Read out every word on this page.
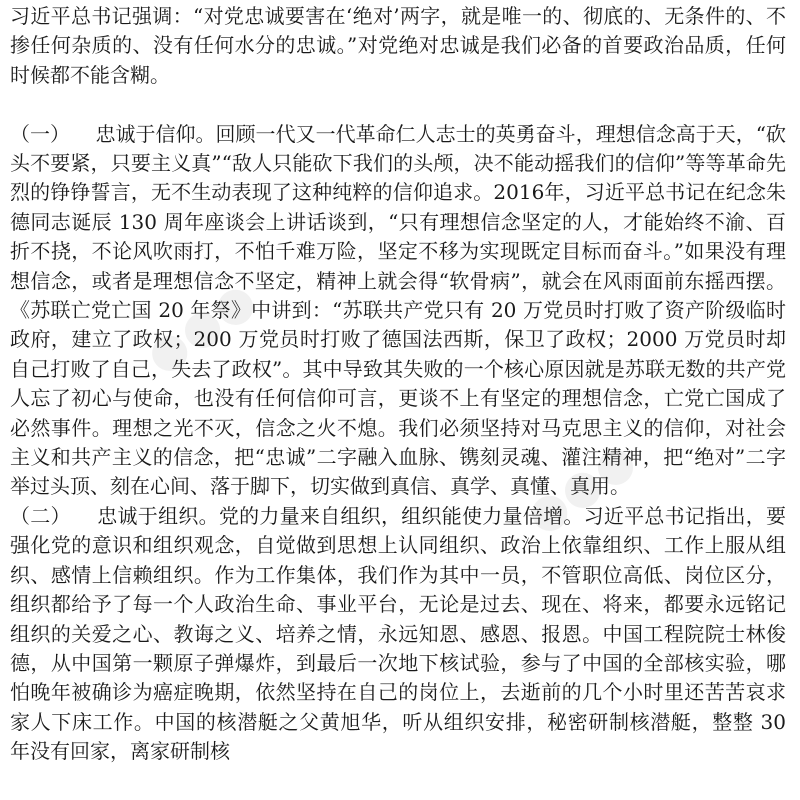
●●●
●●●

习近平总书记强调：“对党忠诚要害在‘绝对’两字，就是唯一的、彻底的、无条件的、不掺任何杂质的、没有任何水分的忠诚。”对党绝对忠诚是我们必备的首要政治品质，任何时候都不能含糊。

（一）    忠诚于信仰。回顾一代又一代革命仁人志士的英勇奋斗，理想信念高于天，“砍头不要紧，只要主义真”“敌人只能砍下我们的头颅，决不能动摇我们的信仰”等等革命先烈的铮铮誓言，无不生动表现了这种纯粹的信仰追求。2016年，习近平总书记在纪念朱德同志诞辰 130 周年座谈会上讲话谈到，“只有理想信念坚定的人，才能始终不渝、百折不挠，不论风吹雨打，不怕千难万险，坚定不移为实现既定目标而奋斗。”如果没有理想信念，或者是理想信念不坚定，精神上就会得“软骨病”，就会在风雨面前东摇西摆。《苏联亡党亡国 20 年祭》中讲到：“苏联共产党只有 20 万党员时打败了资产阶级临时政府，建立了政权；200 万党员时打败了德国法西斯，保卫了政权；2000 万党员时却自己打败了自己，失去了政权”。其中导致其失败的一个核心原因就是苏联无数的共产党人忘了初心与使命，也没有任何信仰可言，更谈不上有坚定的理想信念，亡党亡国成了必然事件。理想之光不灭，信念之火不熄。我们必须坚持对马克思主义的信仰，对社会主义和共产主义的信念，把“忠诚”二字融入血脉、镌刻灵魂、灌注精神，把“绝对”二字举过头顶、刻在心间、落于脚下，切实做到真信、真学、真懂、真用。

（二）    忠诚于组织。党的力量来自组织，组织能使力量倍增。习近平总书记指出，要强化党的意识和组织观念，自觉做到思想上认同组织、政治上依靠组织、工作上服从组织、感情上信赖组织。作为工作集体，我们作为其中一员，不管职位高低、岗位区分，组织都给予了每一个人政治生命、事业平台，无论是过去、现在、将来，都要永远铭记组织的关爱之心、教诲之义、培养之情，永远知恩、感恩、报恩。中国工程院院士林俊德，从中国第一颗原子弹爆炸，到最后一次地下核试验，参与了中国的全部核实验，哪怕晚年被确诊为癌症晚期，依然坚持在自己的岗位上，去逝前的几个小时里还苦苦哀求家人下床工作。中国的核潜艇之父黄旭华，听从组织安排，秘密研制核潜艇，整整 30 年没有回家，离家研制核
